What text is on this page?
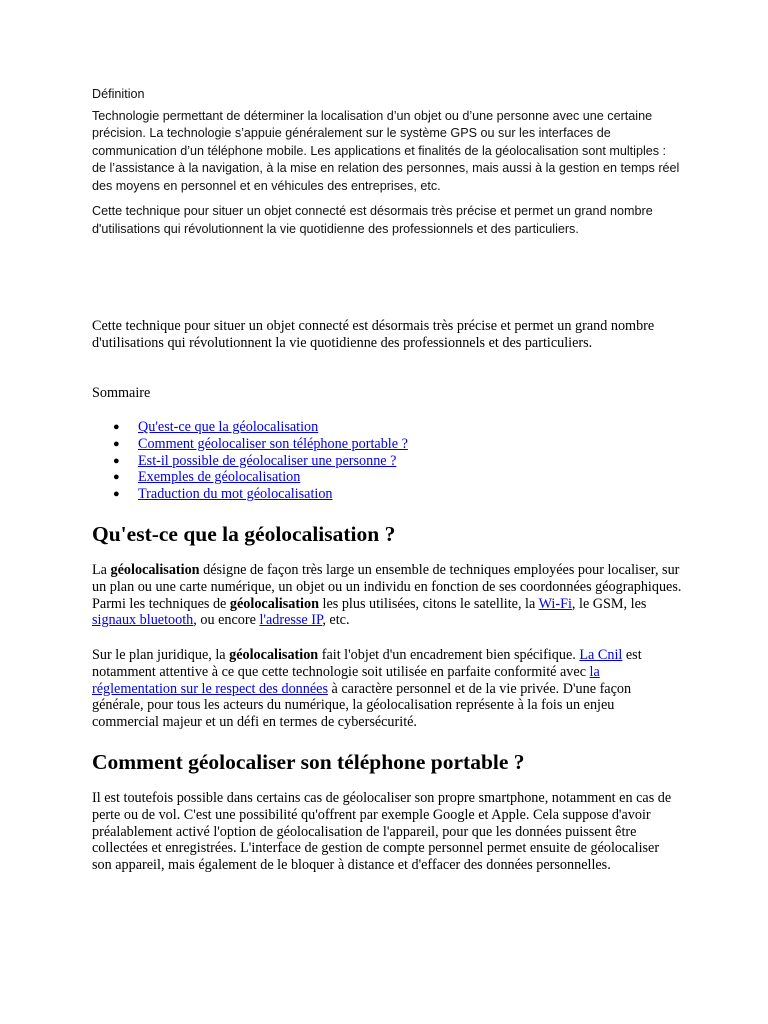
Définition

Technologie permettant de déterminer la localisation d’un objet ou d’une personne avec une certaine précision. La technologie s’appuie généralement sur le système GPS ou sur les interfaces de communication d’un téléphone mobile. Les applications et finalités de la géolocalisation sont multiples : de l’assistance à la navigation, à la mise en relation des personnes, mais aussi à la gestion en temps réel des moyens en personnel et en véhicules des entreprises, etc.

Cette technique pour situer un objet connecté est désormais très précise et permet un grand nombre d'utilisations qui révolutionnent la vie quotidienne des professionnels et des particuliers.

Cette technique pour situer un objet connecté est désormais très précise et permet un grand nombre d'utilisations qui révolutionnent la vie quotidienne des professionnels et des particuliers.

Sommaire

● Qu'est-ce que la géolocalisation
● Comment géolocaliser son téléphone portable ?
● Est-il possible de géolocaliser une personne ?
● Exemples de géolocalisation
● Traduction du mot géolocalisation
Qu'est-ce que la géolocalisation ?

La géolocalisation désigne de façon très large un ensemble de techniques employées pour localiser, sur un plan ou une carte numérique, un objet ou un individu en fonction de ses coordonnées géographiques. Parmi les techniques de géolocalisation les plus utilisées, citons le satellite, la Wi-Fi, le GSM, les signaux bluetooth, ou encore l'adresse IP, etc.

Sur le plan juridique, la géolocalisation fait l'objet d'un encadrement bien spécifique. La Cnil est notamment attentive à ce que cette technologie soit utilisée en parfaite conformité avec la réglementation sur le respect des données à caractère personnel et de la vie privée. D'une façon générale, pour tous les acteurs du numérique, la géolocalisation représente à la fois un enjeu commercial majeur et un défi en termes de cybersécurité.

Comment géolocaliser son téléphone portable ?

Il est toutefois possible dans certains cas de géolocaliser son propre smartphone, notamment en cas de perte ou de vol. C'est une possibilité qu'offrent par exemple Google et Apple. Cela suppose d'avoir préalablement activé l'option de géolocalisation de l'appareil, pour que les données puissent être collectées et enregistrées. L'interface de gestion de compte personnel permet ensuite de géolocaliser son appareil, mais également de le bloquer à distance et d'effacer des données personnelles.
